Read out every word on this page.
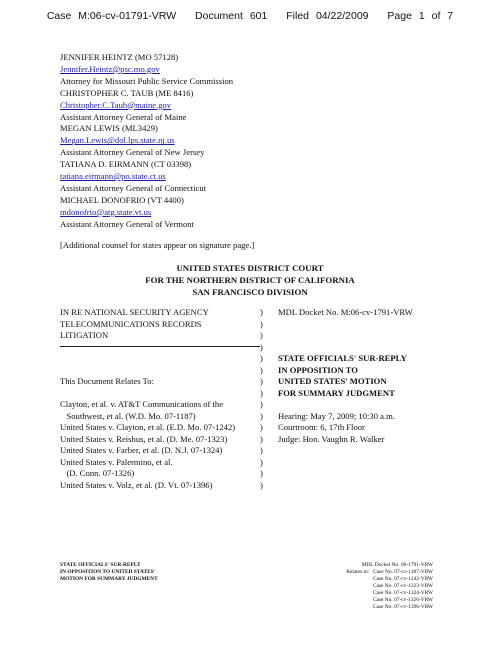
Case M:06-cv-01791-VRW Document 601 Filed 04/22/2009 Page 1 of 7
JENNIFER HEINTZ (MO 57128)
Jennifer.Heintz@psc.mo.gov
Attorney for Missouri Public Service Commission
CHRISTOPHER C. TAUB (ME 8416)
Christopher.C.Taub@maine.gov
Assistant Attorney General of Maine
MEGAN LEWIS (ML3429)
Megan.Lewis@dol.lps.state.nj.us
Assistant Attorney General of New Jersey
TATIANA D. EIRMANN (CT 03398)
tatiana.eirmann@po.state.ct.us
Assistant Attorney General of Connecticut
MICHAEL DONOFRIO (VT 4400)
mdonofrio@atg.state.vt.us
Assistant Attorney General of Vermont
[Additional counsel for states appear on signature page.]
UNITED STATES DISTRICT COURT
FOR THE NORTHERN DISTRICT OF CALIFORNIA
SAN FRANCISCO DIVISION
IN RE NATIONAL SECURITY AGENCY
TELECOMMUNICATIONS RECORDS
LITIGATION
This Document Relates To:
Clayton, et al. v. AT&T Communications of the
Southwest, et al. (W.D. Mo. 07-1187)
United States v. Clayton, et al. (E.D. Mo. 07-1242)
United States v. Reishus, et al. (D. Me. 07-1323)
United States v. Farber, et al. (D. N.J. 07-1324)
United States v. Palermino, et al.
(D. Conn. 07-1326)
United States v. Volz, et al. (D. Vt. 07-1396)
)
)
)
)
)
)
)
)
)
)
)
)
)
)
)
)
MDL Docket No. M:06-cv-1791-VRW
STATE OFFICIALS' SUR-REPLY
IN OPPOSITION TO
UNITED STATES' MOTION
FOR SUMMARY JUDGMENT
Hearing: May 7, 2009; 10:30 a.m.
Courtroom: 6, 17th Floor
Judge: Hon. Vaughn R. Walker
STATE OFFICIALS' SUR-REPLY
IN OPPOSITION TO UNITED STATES'
MOTION FOR SUMMARY JUDGMENT
MDL Docket No. 06-1791-VRW
Relates to: Case No. 07-cv-1187-VRW
Case No. 07-cv-1242-VRW
Case No. 07-cv-1323-VRW
Case No. 07-cv-1324-VRW
Case No. 07-cv-1326-VRW
Case No. 07-cv-1396-VRW
